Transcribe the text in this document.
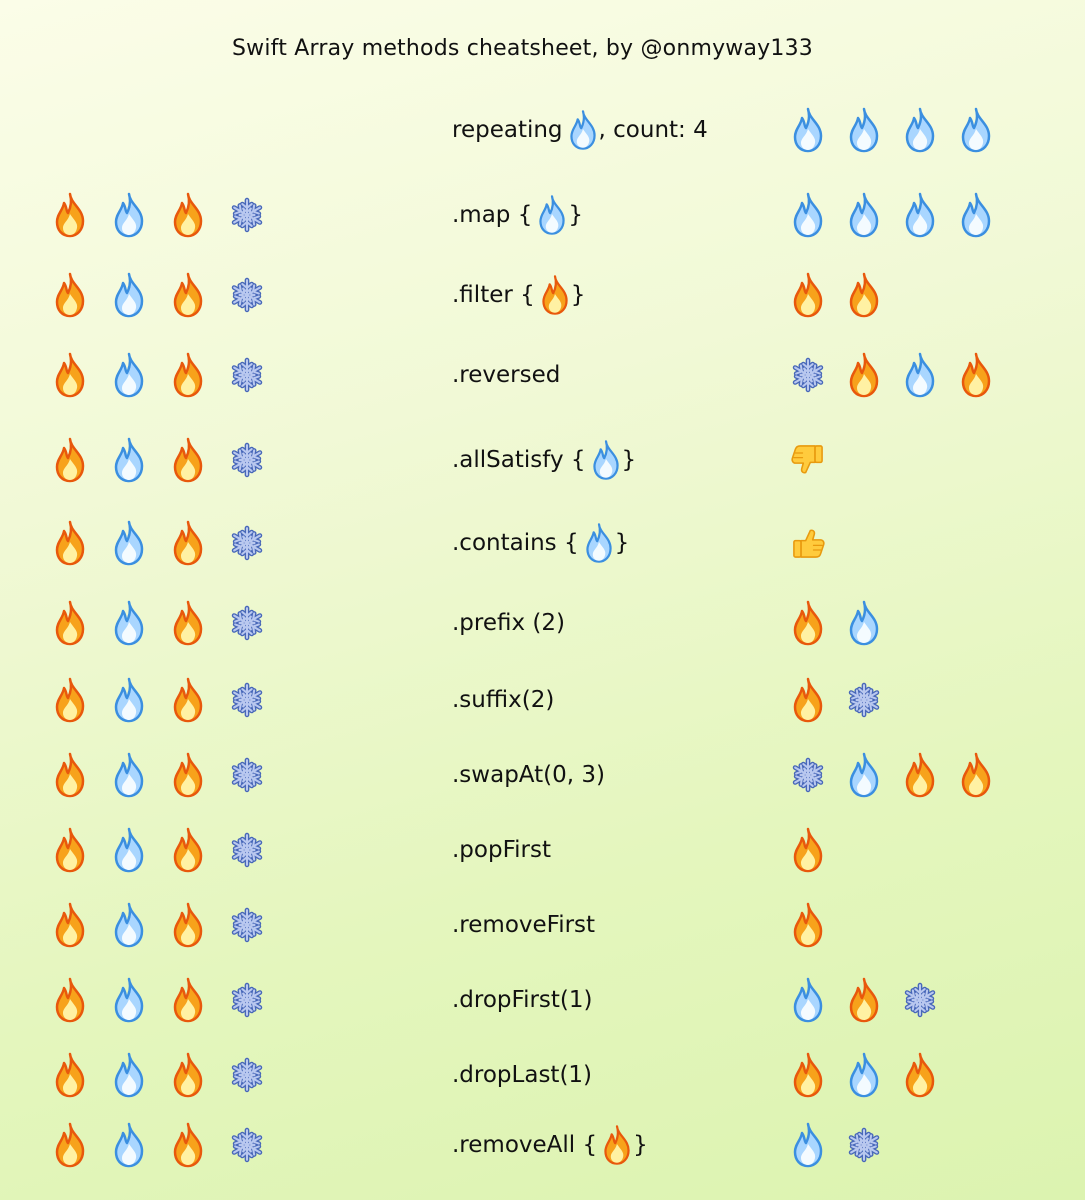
Swift Array methods cheatsheet, by @onmyway133
repeating , count: 4
.map { }
.filter { }
.reversed
.allSatisfy { }
.contains { }
.prefix (2)
.suffix(2)
.swapAt(0, 3)
.popFirst
.removeFirst
.dropFirst(1)
.dropLast(1)
.removeAll { }
